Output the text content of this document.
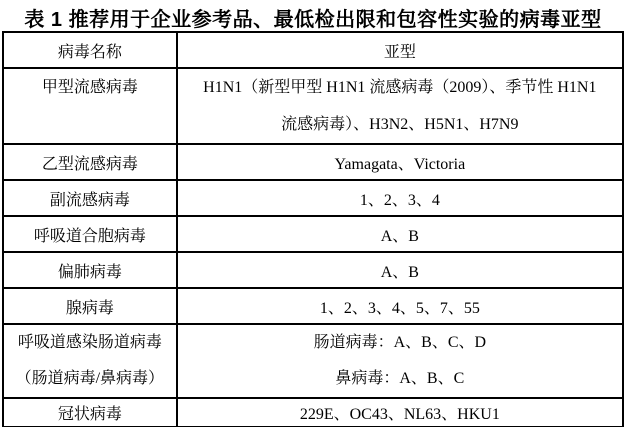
表 1 推荐用于企业参考品、最低检出限和包容性实验的病毒亚型
病毒名称	亚型

甲型流感病毒	H1N1（新型甲型 H1N1 流感病毒（2009）、季节性 H1N1
流感病毒）、H3N2、H5N1、H7N9

乙型流感病毒	Yamagata、Victoria
副流感病毒	1、2、3、4
呼吸道合胞病毒	A、B
偏肺病毒	A、B
腺病毒	1、2、3、4、5、7、55

呼吸道感染肠道病毒
（肠道病毒/鼻病毒）	肠道病毒：A、B、C、D
鼻病毒：A、B、C

冠状病毒	229E、OC43、NL63、HKU1
